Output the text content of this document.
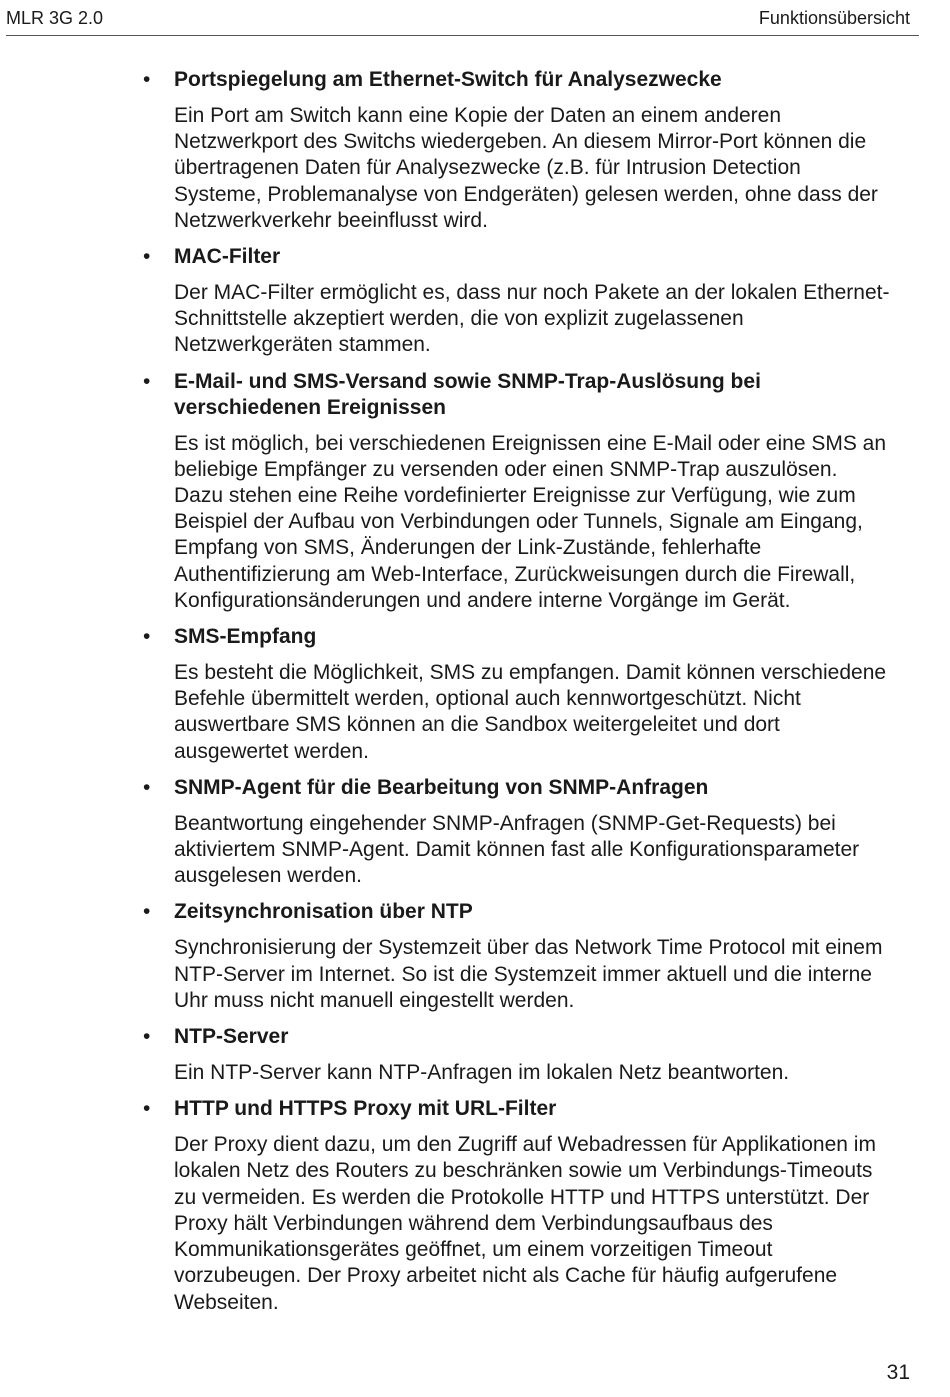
MLR 3G 2.0	Funktionsübersicht
• Portspiegelung am Ethernet-Switch für Analysezwecke
Ein Port am Switch kann eine Kopie der Daten an einem anderen Netzwerkport des Switchs wiedergeben. An diesem Mirror-Port können die übertragenen Daten für Analysezwecke (z.B. für Intrusion Detection Systeme, Problemanalyse von Endgeräten) gelesen werden, ohne dass der Netzwerkverkehr beeinflusst wird.
• MAC-Filter
Der MAC-Filter ermöglicht es, dass nur noch Pakete an der lokalen Ethernet-Schnittstelle akzeptiert werden, die von explizit zugelassenen Netzwerkgeräten stammen.
• E-Mail- und SMS-Versand sowie SNMP-Trap-Auslösung bei verschiedenen Ereignissen
Es ist möglich, bei verschiedenen Ereignissen eine E-Mail oder eine SMS an beliebige Empfänger zu versenden oder einen SNMP-Trap auszulösen. Dazu stehen eine Reihe vordefinierter Ereignisse zur Verfügung, wie zum Beispiel der Aufbau von Verbindungen oder Tunnels, Signale am Eingang, Empfang von SMS, Änderungen der Link-Zustände, fehlerhafte Authentifizierung am Web-Interface, Zurückweisungen durch die Firewall, Konfigurationsänderungen und andere interne Vorgänge im Gerät.
• SMS-Empfang
Es besteht die Möglichkeit, SMS zu empfangen. Damit können verschiedene Befehle übermittelt werden, optional auch kennwortgeschützt. Nicht auswertbare SMS können an die Sandbox weitergeleitet und dort ausgewertet werden.
• SNMP-Agent für die Bearbeitung von SNMP-Anfragen
Beantwortung eingehender SNMP-Anfragen (SNMP-Get-Requests) bei aktiviertem SNMP-Agent. Damit können fast alle Konfigurationsparameter ausgelesen werden.
• Zeitsynchronisation über NTP
Synchronisierung der Systemzeit über das Network Time Protocol mit einem NTP-Server im Internet. So ist die Systemzeit immer aktuell und die interne Uhr muss nicht manuell eingestellt werden.
• NTP-Server
Ein NTP-Server kann NTP-Anfragen im lokalen Netz beantworten.
• HTTP und HTTPS Proxy mit URL-Filter
Der Proxy dient dazu, um den Zugriff auf Webadressen für Applikationen im lokalen Netz des Routers zu beschränken sowie um Verbindungs-Timeouts zu vermeiden. Es werden die Protokolle HTTP und HTTPS unterstützt. Der Proxy hält Verbindungen während dem Verbindungsaufbaus des Kommunikationsgerätes geöffnet, um einem vorzeitigen Timeout vorzubeugen. Der Proxy arbeitet nicht als Cache für häufig aufgerufene Webseiten.
31
